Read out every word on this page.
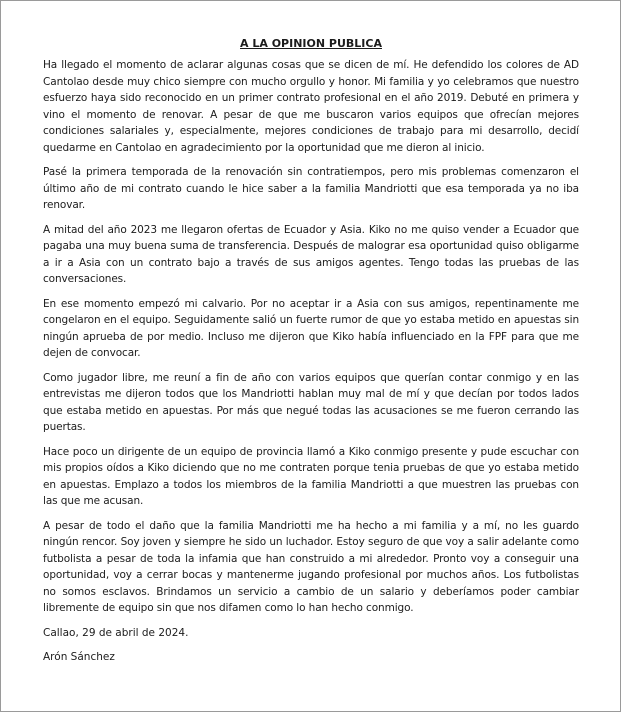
A LA OPINION PUBLICA

Ha llegado el momento de aclarar algunas cosas que se dicen de mí. He defendido los colores de AD Cantolao desde muy chico siempre con mucho orgullo y honor. Mi familia y yo celebramos que nuestro esfuerzo haya sido reconocido en un primer contrato profesional en el año 2019. Debuté en primera y vino el momento de renovar. A pesar de que me buscaron varios equipos que ofrecían mejores condiciones salariales y, especialmente, mejores condiciones de trabajo para mi desarrollo, decidí quedarme en Cantolao en agradecimiento por la oportunidad que me dieron al inicio.

Pasé la primera temporada de la renovación sin contratiempos, pero mis problemas comenzaron el último año de mi contrato cuando le hice saber a la familia Mandriotti que esa temporada ya no iba renovar.

A mitad del año 2023 me llegaron ofertas de Ecuador y Asia. Kiko no me quiso vender a Ecuador que pagaba una muy buena suma de transferencia. Después de malograr esa oportunidad quiso obligarme a ir a Asia con un contrato bajo a través de sus amigos agentes. Tengo todas las pruebas de las conversaciones.

En ese momento empezó mi calvario. Por no aceptar ir a Asia con sus amigos, repentinamente me congelaron en el equipo. Seguidamente salió un fuerte rumor de que yo estaba metido en apuestas sin ningún aprueba de por medio. Incluso me dijeron que Kiko había influenciado en la FPF para que me dejen de convocar.

Como jugador libre, me reuní a fin de año con varios equipos que querían contar conmigo y en las entrevistas me dijeron todos que los Mandriotti hablan muy mal de mí y que decían por todos lados que estaba metido en apuestas. Por más que negué todas las acusaciones se me fueron cerrando las puertas.

Hace poco un dirigente de un equipo de provincia llamó a Kiko conmigo presente y pude escuchar con mis propios oídos a Kiko diciendo que no me contraten porque tenia pruebas de que yo estaba metido en apuestas. Emplazo a todos los miembros de la familia Mandriotti a que muestren las pruebas con las que me acusan.

A pesar de todo el daño que la familia Mandriotti me ha hecho a mi familia y a mí, no les guardo ningún rencor. Soy joven y siempre he sido un luchador. Estoy seguro de que voy a salir adelante como futbolista a pesar de toda la infamia que han construido a mi alrededor. Pronto voy a conseguir una oportunidad, voy a cerrar bocas y mantenerme jugando profesional por muchos años. Los futbolistas no somos esclavos. Brindamos un servicio a cambio de un salario y deberíamos poder cambiar libremente de equipo sin que nos difamen como lo han hecho conmigo.

Callao, 29 de abril de 2024.

Arón Sánchez
